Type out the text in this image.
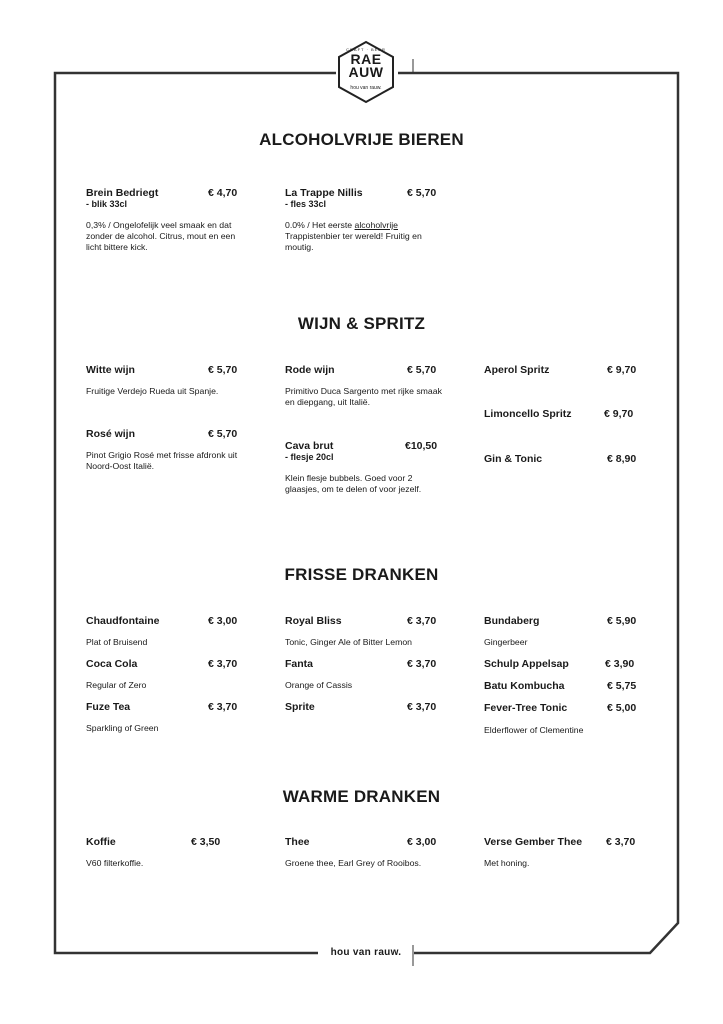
CRAFT · BEER
RAE
AUW
hou van rauw.
ALCOHOLVRIJE BIEREN
Brein Bedriegt	€ 4,70
- blik 33cl
0,3% / Ongelofelijk veel smaak en dat zonder de alcohol. Citrus, mout en een licht bittere kick.
La Trappe Nillis	€ 5,70
- fles 33cl
0.0% / Het eerste alcoholvrije Trappistenbier ter wereld! Fruitig en moutig.
WIJN & SPRITZ
Witte wijn	€ 5,70
Fruitige Verdejo Rueda uit Spanje.
Rosé wijn	€ 5,70
Pinot Grigio Rosé met frisse afdronk uit Noord-Oost Italië.
Rode wijn	€ 5,70
Primitivo Duca Sargento met rijke smaak en diepgang, uit Italië.
Cava brut	€10,50
- flesje 20cl
Klein flesje bubbels. Goed voor 2 glaasjes, om te delen of voor jezelf.
Aperol Spritz	€ 9,70
Limoncello Spritz	€ 9,70
Gin & Tonic	€ 8,90
FRISSE DRANKEN
Chaudfontaine	€ 3,00
Plat of Bruisend
Coca Cola	€ 3,70
Regular of Zero
Fuze Tea	€ 3,70
Sparkling of Green
Royal Bliss	€ 3,70
Tonic, Ginger Ale of Bitter Lemon
Fanta	€ 3,70
Orange of Cassis
Sprite	€ 3,70
Bundaberg	€ 5,90
Gingerbeer
Schulp Appelsap	€ 3,90
Batu Kombucha	€ 5,75
Fever-Tree Tonic	€ 5,00
Elderflower of Clementine
WARME DRANKEN
Koffie	€ 3,50
V60 filterkoffie.
Thee	€ 3,00
Groene thee, Earl Grey of Rooibos.
Verse Gember Thee € 3,70
Met honing.
hou van rauw.
